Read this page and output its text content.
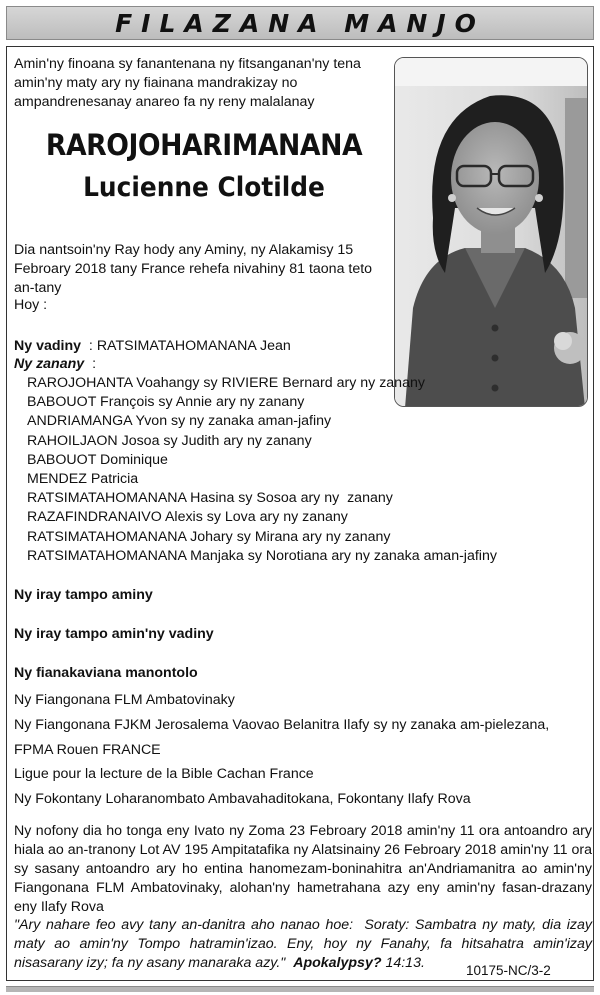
FILAZANA MANJO
Amin'ny finoana sy fanantenana ny fitsanganan'ny tena amin'ny maty ary ny fiainana mandrakizay no ampandrenesanay anareo fa ny reny malalanay
RAROJOHARIMANANA
Lucienne Clotilde
Dia nantsoin'ny Ray hody any Aminy, ny Alakamisy 15 Febroary 2018 tany France rehefa nivahiny 81 taona teto an-tany
Hoy :
Ny vadiny  : RATSIMATAHOMANANA Jean
Ny zanany  :
RAROJOHANTA Voahangy sy RIVIERE Bernard ary ny zanany
BABOUOT François sy Annie ary ny zanany
ANDRIAMANGA Yvon sy ny zanaka aman-jafiny
RAHOILJAON Josoa sy Judith ary ny zanany
BABOUOT Dominique
MENDEZ Patricia
RATSIMATAHOMANANA Hasina sy Sosoa ary ny  zanany
RAZAFINDRANAIVO Alexis sy Lova ary ny zanany
RATSIMATAHOMANANA Johary sy Mirana ary ny zanany
RATSIMATAHOMANANA Manjaka sy Norotiana ary ny zanaka aman-jafiny
Ny iray tampo aminy
Ny iray tampo amin'ny vadiny
Ny fianakaviana manontolo
Ny Fiangonana FLM Ambatovinaky
Ny Fiangonana FJKM Jerosalema Vaovao Belanitra Ilafy sy ny zanaka am-pielezana,
FPMA Rouen FRANCE
Ligue pour la lecture de la Bible Cachan France
Ny Fokontany Loharanombato Ambavahaditokana, Fokontany Ilafy Rova
Ny nofony dia ho tonga eny Ivato ny Zoma 23 Febroary 2018 amin'ny 11 ora antoandro ary hiala ao an-tranony Lot AV 195 Ampitatafika ny Alatsinainy 26 Febroary 2018 amin'ny 11 ora sy sasany antoandro ary ho entina hanomezam-boninahitra an'Andriamanitra ao amin'ny Fiangonana FLM Ambatovinaky, alohan'ny hametrahana azy eny amin'ny fasan-drazany eny Ilafy Rova
"Ary nahare feo avy tany an-danitra aho nanao hoe:  Soraty: Sambatra ny maty, dia izay maty ao amin'ny Tompo hatramin'izao. Eny, hoy ny Fanahy, fa hitsahatra amin'izay nisasarany izy; fa ny asany manaraka azy."  Apokalypsy? 14:13.	10175-NC/3-2
